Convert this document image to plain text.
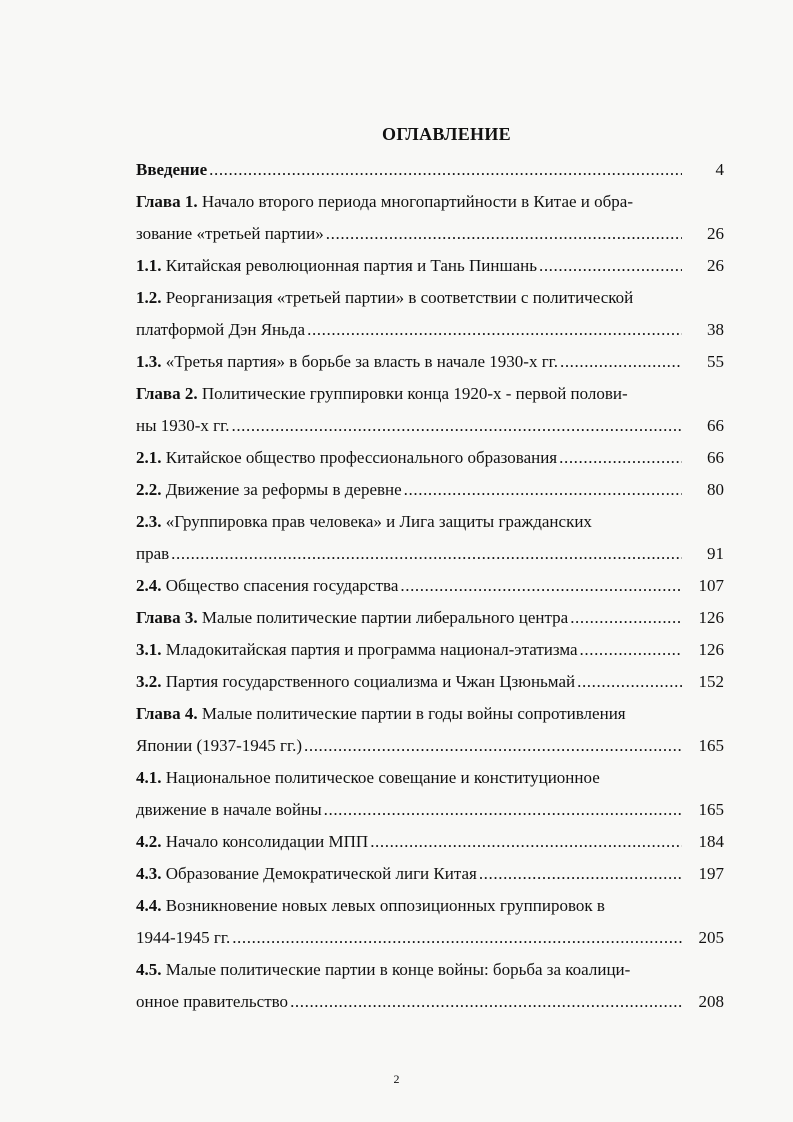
ОГЛАВЛЕНИЕ
Введение .....	4
Глава 1. Начало второго периода многопартийности в Китае и обра-
зование «третьей партии» .....	26
1.1. Китайская революционная партия и Тань Пиншань .....	26
1.2. Реорганизация «третьей партии» в соответствии с политической
платформой Дэн Яньда .....	38
1.3. «Третья партия» в борьбе за власть в начале 1930-х гг. .....	55
Глава 2. Политические группировки конца 1920-х - первой полови-
ны 1930-х гг. .....	66
2.1. Китайское общество профессионального образования .....	66
2.2. Движение за реформы в деревне .....	80
2.3. «Группировка прав человека» и Лига защиты гражданских
прав .....	91
2.4. Общество спасения государства .....	107
Глава 3. Малые политические партии либерального центра .....	126
3.1. Младокитайская партия и программа национал-этатизма .....	126
3.2. Партия государственного социализма и Чжан Цзюньмай .....	152
Глава 4. Малые политические партии в годы войны сопротивления
Японии (1937-1945 гг.) .....	165
4.1. Национальное политическое совещание и конституционное
движение в начале войны .....	165
4.2. Начало консолидации МПП .....	184
4.3. Образование Демократической лиги Китая .....	197
4.4. Возникновение новых левых оппозиционных группировок в
1944-1945 гг. .....	205
4.5. Малые политические партии в конце войны: борьба за коалици-
онное правительство .....	208
2
